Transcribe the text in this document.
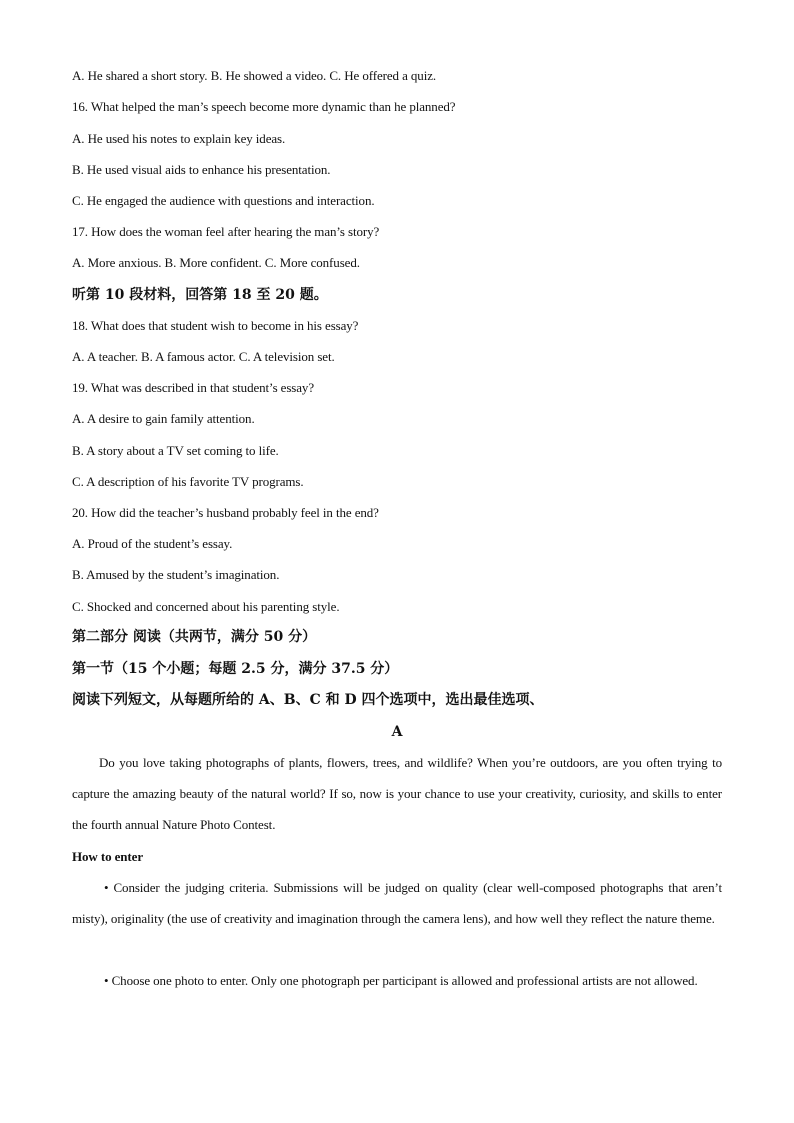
A. He shared a short story. B. He showed a video. C. He offered a quiz.
16. What helped the man’s speech become more dynamic than he planned?
A. He used his notes to explain key ideas.
B. He used visual aids to enhance his presentation.
C. He engaged the audience with questions and interaction.
17. How does the woman feel after hearing the man’s story?
A. More anxious. B. More confident. C. More confused.
听第 10 段材料，回答第 18 至 20 题。
18. What does that student wish to become in his essay?
A. A teacher. B. A famous actor. C. A television set.
19. What was described in that student’s essay?
A. A desire to gain family attention.
B. A story about a TV set coming to life.
C. A description of his favorite TV programs.
20. How did the teacher’s husband probably feel in the end?
A. Proud of the student’s essay.
B. Amused by the student’s imagination.
C. Shocked and concerned about his parenting style.
第二部分 阅读（共两节，满分 50 分）
第一节（15 个小题；每题 2.5 分，满分 37.5 分）
阅读下列短文，从每题所给的 A、B、C 和 D 四个选项中，选出最佳选项、
A
Do you love taking photographs of plants, flowers, trees, and wildlife? When you’re outdoors, are you often trying to capture the amazing beauty of the natural world? If so, now is your chance to use your creativity, curiosity, and skills to enter the fourth annual Nature Photo Contest.
How to enter
• Consider the judging criteria. Submissions will be judged on quality (clear well-composed photographs that aren’t misty), originality (the use of creativity and imagination through the camera lens), and how well they reflect the nature theme.
• Choose one photo to enter. Only one photograph per participant is allowed and professional artists are not allowed.
